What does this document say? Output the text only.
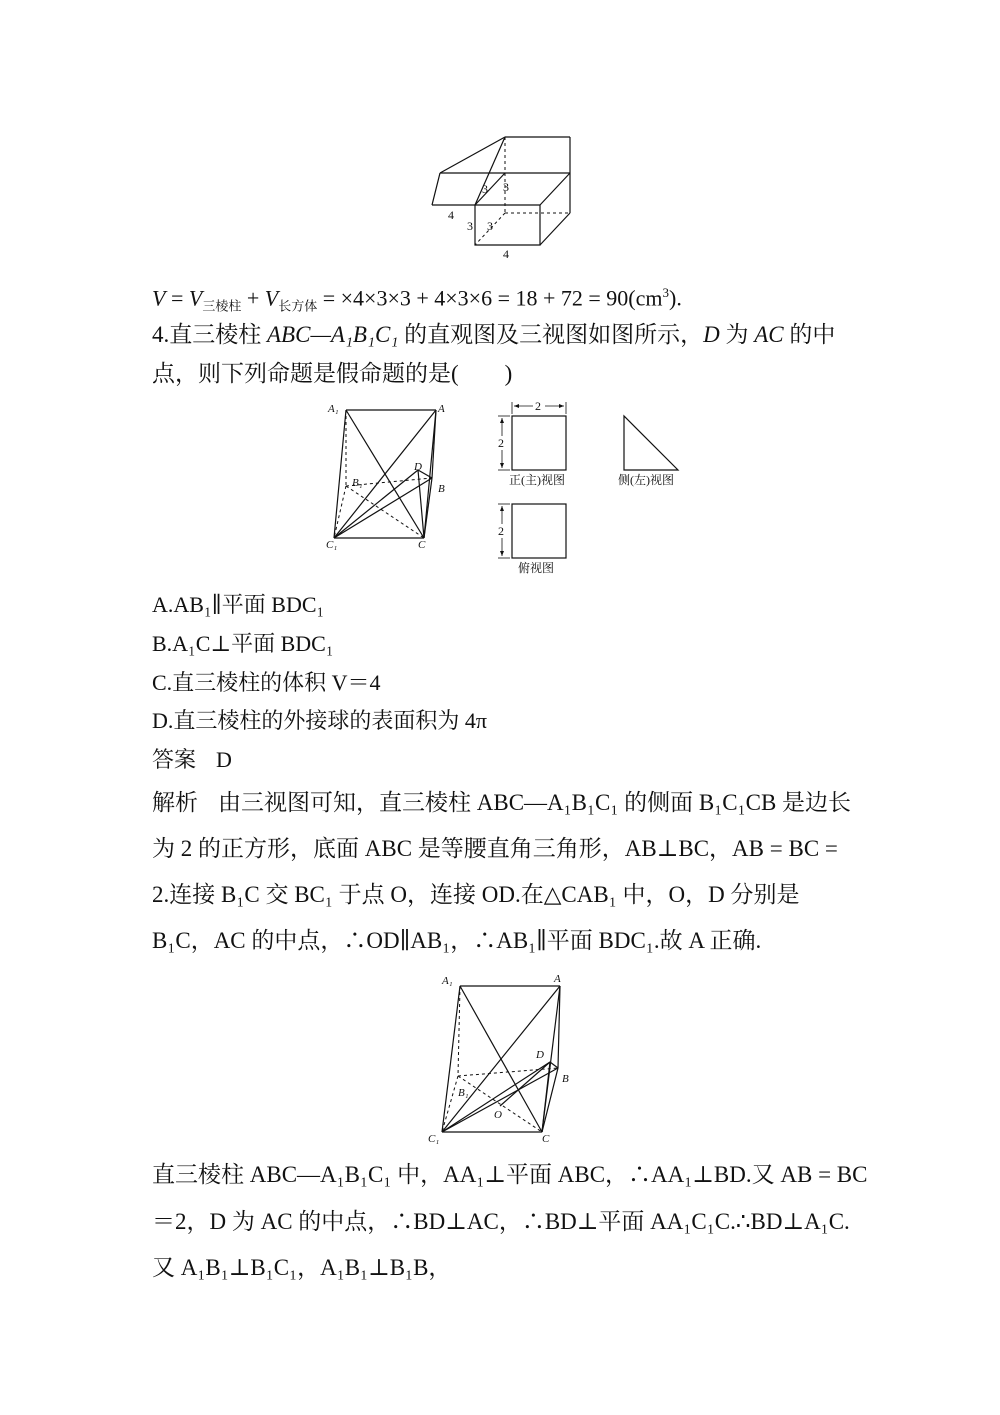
3 3
4
3 3
4
$V = V_{三棱柱} + V_{长方体} = \times 4\times 3\times 3 + 4\times 3\times 6 = 18 + 72 = 90(cm^3)$.
4.直三棱柱 ABC—A₁B₁C₁ 的直观图及三视图如图所示，D 为 AC 的中
点，则下列命题是假命题的是(　　)
A₁	A
D
B₁	B
C₁	C
2
2
2
正(主)视图	侧(左)视图
俯视图
A.AB₁∥平面 BDC₁
B.A₁C⊥平面 BDC₁
C.直三棱柱的体积 V＝4
D.直三棱柱的外接球的表面积为 4π
答案 D
解析 由三视图可知，直三棱柱 ABC—A₁B₁C₁ 的侧面 B₁C₁CB 是边长
为 2 的正方形，底面 ABC 是等腰直角三角形，AB⊥BC，AB = BC =
2.连接 B₁C 交 BC₁ 于点 O，连接 OD.在△CAB₁ 中，O，D 分别是
B₁C，AC 的中点，∴OD∥AB₁，∴AB₁∥平面 BDC₁.故 A 正确.
A₁	A
D
B
B₁
O
C₁	C
直三棱柱 ABC—A₁B₁C₁ 中，AA₁⊥平面 ABC，∴AA₁⊥BD.又 AB = BC
＝2，D 为 AC 的中点，∴BD⊥AC，∴BD⊥平面 AA₁C₁C.∴BD⊥A₁C.
又 A₁B₁⊥B₁C₁，A₁B₁⊥B₁B，
